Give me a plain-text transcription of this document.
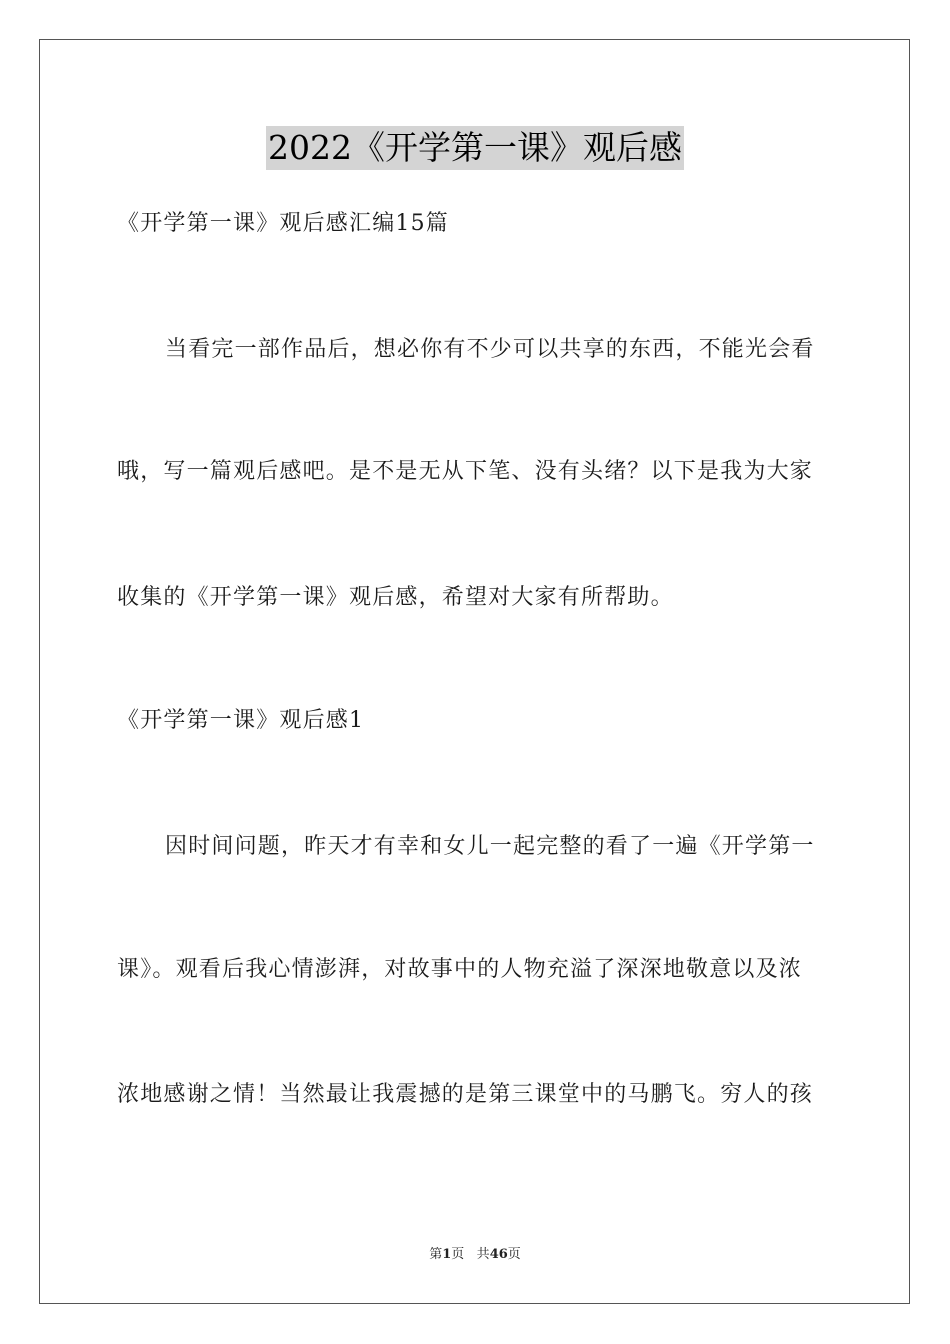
2022《开学第一课》观后感
《开学第一课》观后感汇编15篇
当看完一部作品后，想必你有不少可以共享的东西，不能光会看
哦，写一篇观后感吧。是不是无从下笔、没有头绪？以下是我为大家
收集的《开学第一课》观后感，希望对大家有所帮助。
《开学第一课》观后感1
因时间问题，昨天才有幸和女儿一起完整的看了一遍《开学第一
课》。观看后我心情澎湃，对故事中的人物充溢了深深地敬意以及浓
浓地感谢之情！当然最让我震撼的是第三课堂中的马鹏飞。穷人的孩
第1页 共46页
